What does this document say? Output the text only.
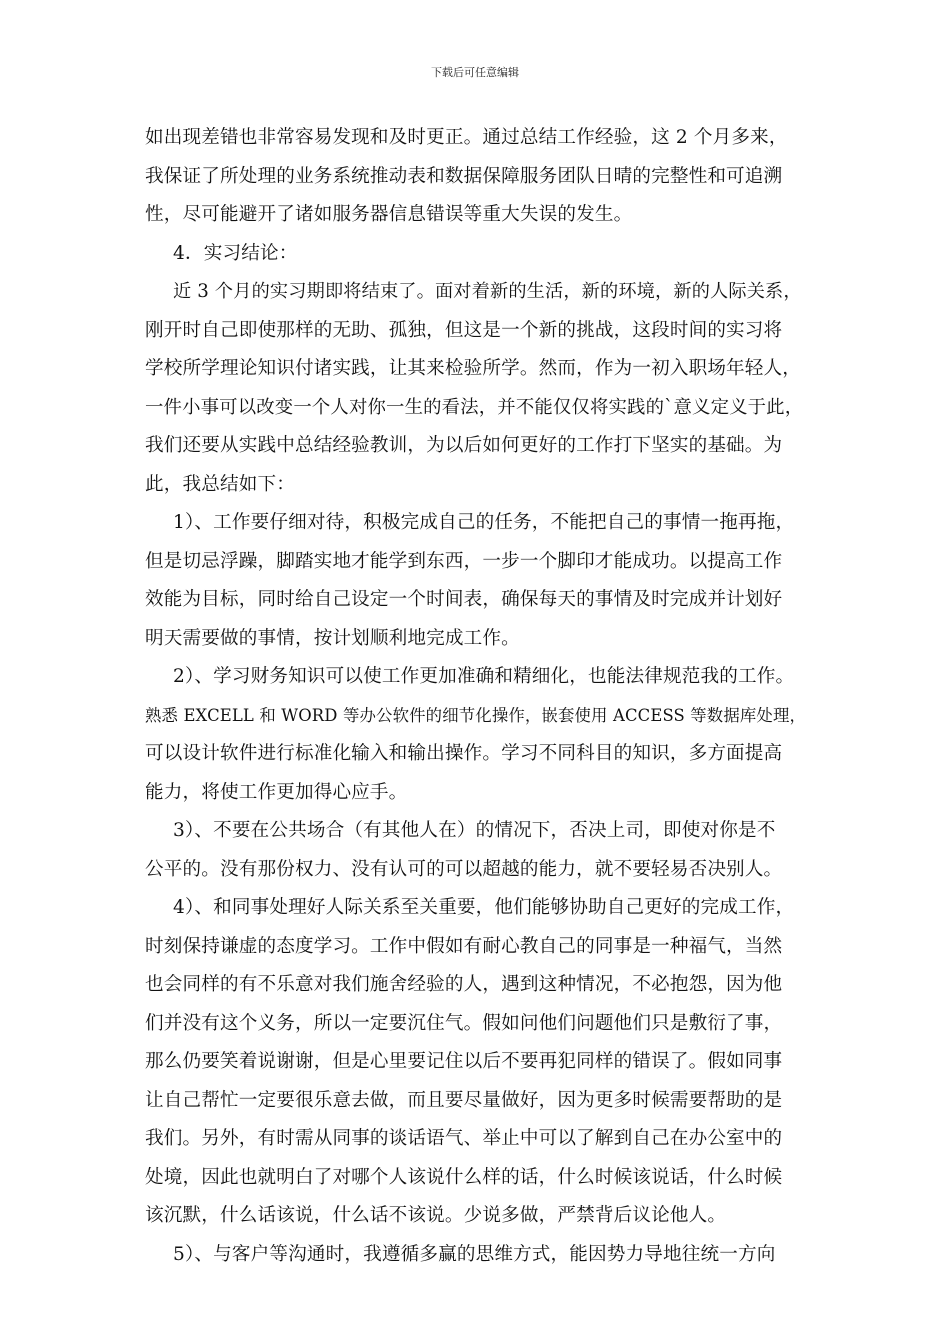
下载后可任意编辑
如出现差错也非常容易发现和及时更正。通过总结工作经验，这 2 个月多来，
我保证了所处理的业务系统推动表和数据保障服务团队日晴的完整性和可追溯
性，尽可能避开了诸如服务器信息错误等重大失误的发生。
4．实习结论：
近 3 个月的实习期即将结束了。面对着新的生活，新的环境，新的人际关系，
刚开时自己即使那样的无助、孤独，但这是一个新的挑战，这段时间的实习将
学校所学理论知识付诸实践，让其来检验所学。然而，作为一初入职场年轻人，
一件小事可以改变一个人对你一生的看法，并不能仅仅将实践的`意义定义于此，
我们还要从实践中总结经验教训，为以后如何更好的工作打下坚实的基础。为
此，我总结如下：
1）、工作要仔细对待，积极完成自己的任务，不能把自己的事情一拖再拖，
但是切忌浮躁，脚踏实地才能学到东西，一步一个脚印才能成功。以提高工作
效能为目标，同时给自己设定一个时间表，确保每天的事情及时完成并计划好
明天需要做的事情，按计划顺利地完成工作。
2）、学习财务知识可以使工作更加准确和精细化，也能法律规范我的工作。
熟悉 EXCELL 和 WORD 等办公软件的细节化操作，嵌套使用 ACCESS 等数据库处理，
可以设计软件进行标准化输入和输出操作。学习不同科目的知识，多方面提高
能力，将使工作更加得心应手。
3）、不要在公共场合（有其他人在）的情况下，否决上司，即使对你是不
公平的。没有那份权力、没有认可的可以超越的能力，就不要轻易否决别人。
4）、和同事处理好人际关系至关重要，他们能够协助自己更好的完成工作，
时刻保持谦虚的态度学习。工作中假如有耐心教自己的同事是一种福气，当然
也会同样的有不乐意对我们施舍经验的人，遇到这种情况，不必抱怨，因为他
们并没有这个义务，所以一定要沉住气。假如问他们问题他们只是敷衍了事，
那么仍要笑着说谢谢，但是心里要记住以后不要再犯同样的错误了。假如同事
让自己帮忙一定要很乐意去做，而且要尽量做好，因为更多时候需要帮助的是
我们。另外，有时需从同事的谈话语气、举止中可以了解到自己在办公室中的
处境，因此也就明白了对哪个人该说什么样的话，什么时候该说话，什么时候
该沉默，什么话该说，什么话不该说。少说多做，严禁背后议论他人。
5）、与客户等沟通时，我遵循多赢的思维方式，能因势力导地往统一方向
